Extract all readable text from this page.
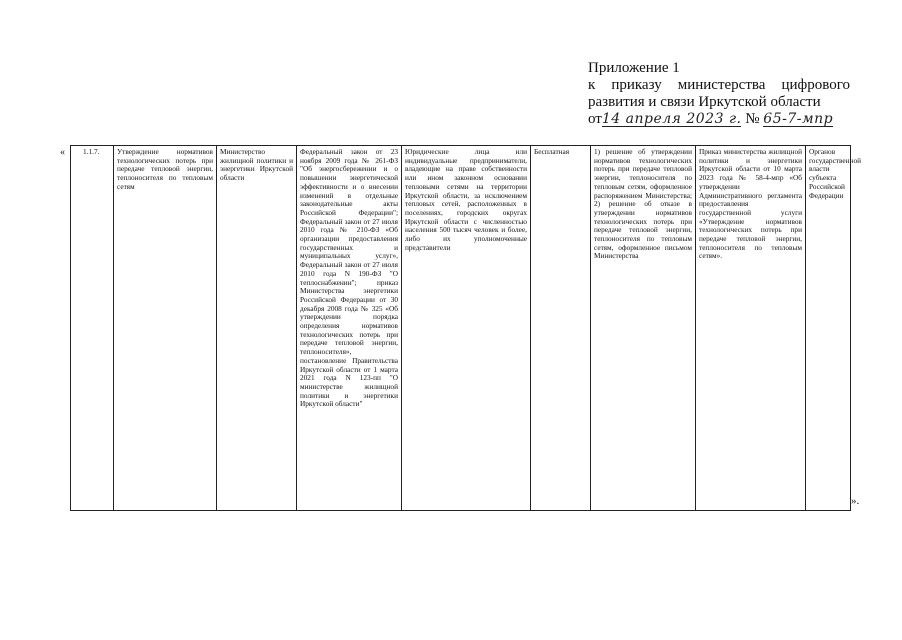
Приложение 1
к приказу министерства цифрового
развития и связи Иркутской области
от14 апреля 2023 г. № 65-7-мпр
« 1.1.7.	Утверждение нормативов технологических потерь при передаче тепловой энергии, теплоносителя по тепловым сетям	Министерство жилищной политики и энергетики Иркутской области	Федеральный закон от 23 ноября 2009 года № 261-ФЗ "Об энергосбережении и о повышении энергетической эффективности и о внесении изменений в отдельные законодательные акты Российской Федерации"; Федеральный закон от 27 июля 2010 года № 210-ФЗ «Об организации предоставления государственных и муниципальных услуг», Федеральный закон от 27 июля 2010 года N 190-ФЗ "О теплоснабжении"; приказ Министерства энергетики Российской Федерации от 30 декабря 2008 года № 325 «Об утверждении порядка определения нормативов технологических потерь при передаче тепловой энергии, теплоносителя», постановление Правительства Иркутской области от 1 марта 2021 года N 123-пп "О министерстве жилищной политики и энергетики Иркутской области"	Юридические лица или индивидуальные предприниматели, владеющие на праве собственности или ином законном основании тепловыми сетями на территории Иркутской области, за исключением тепловых сетей, расположенных в поселениях, городских округах Иркутской области с численностью населения 500 тысяч человек и более, либо их уполномоченные представители	Бесплатная	1) решение об утверждении нормативов технологических потерь при передаче тепловой энергии, теплоносителя по тепловым сетям, оформленное распоряжением Министерства; 2) решение об отказе в утверждении нормативов технологических потерь при передаче тепловой энергии, теплоносителя по тепловым сетям, оформленное письмом Министерства	Приказ министерства жилищной политики и энергетики Иркутской области от 10 марта 2023 года № 58-4-мпр «Об утверждении Административного регламента предоставления государственной услуги «Утверждение нормативов технологических потерь при передаче тепловой энергии, теплоносителя по тепловым сетям».	Органов государственной власти субъекта Российской Федерации
».
